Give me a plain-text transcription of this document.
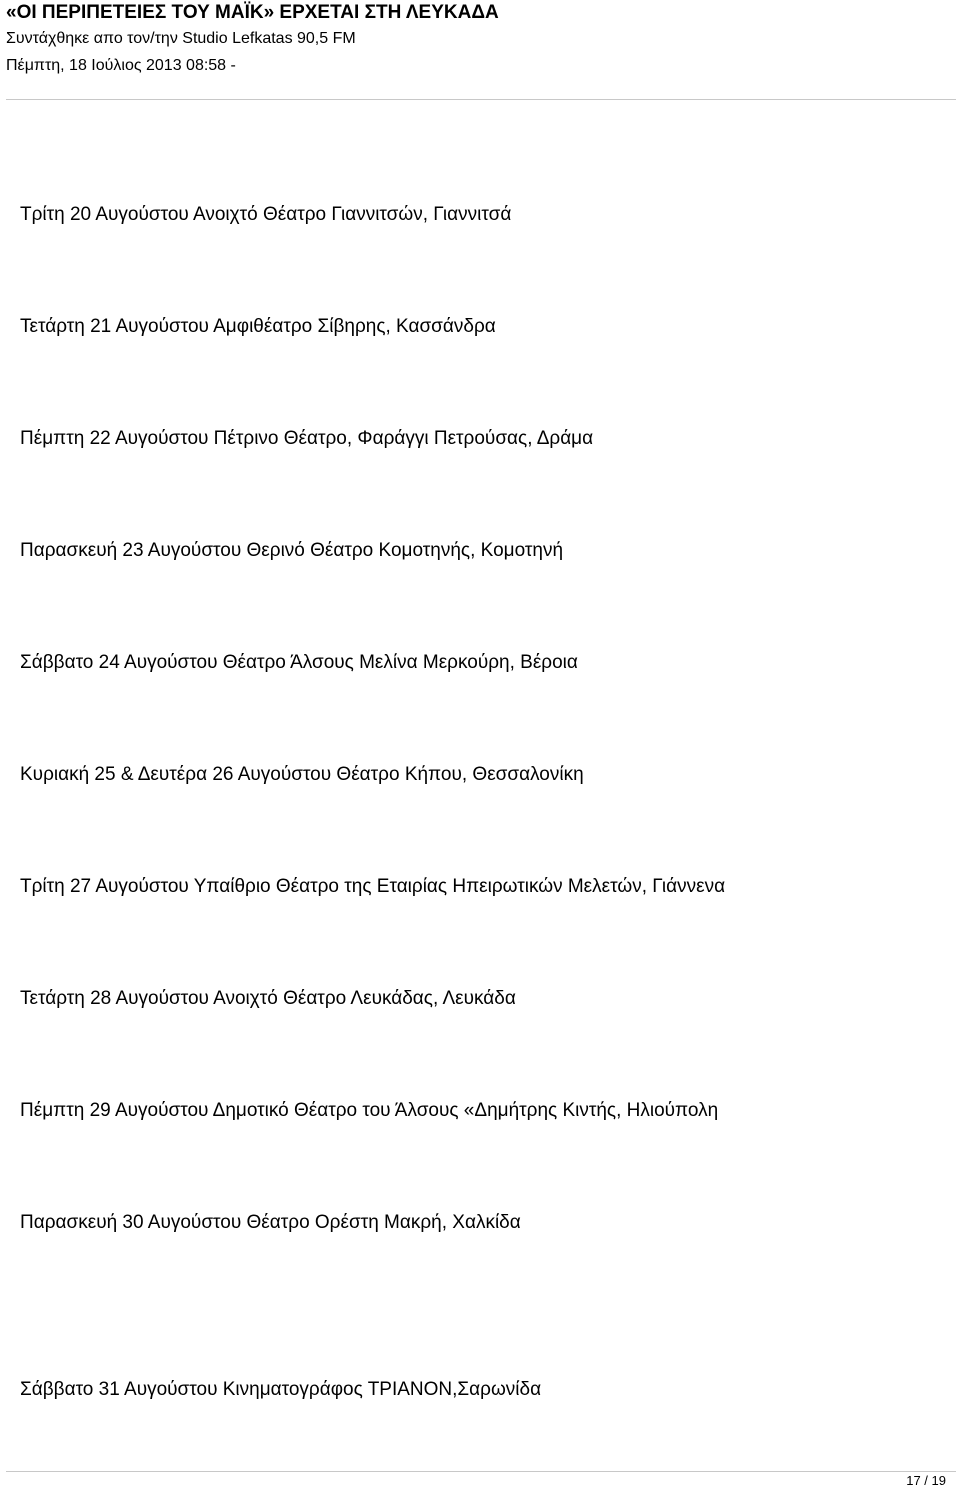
«ΟΙ ΠΕΡΙΠΕΤΕΙΕΣ ΤΟΥ ΜΑΪΚ» ΕΡΧΕΤΑΙ ΣΤΗ ΛΕΥΚΑΔΑ
Συντάχθηκε απο τον/την Studio Lefkatas 90,5 FM
Πέμπτη, 18 Ιούλιος 2013 08:58 -
Τρίτη 20 Αυγούστου Ανοιχτό Θέατρο Γιαννιτσών, Γιαννιτσά
Τετάρτη 21 Αυγούστου Αμφιθέατρο Σίβηρης, Κασσάνδρα
Πέμπτη 22 Αυγούστου Πέτρινο Θέατρο, Φαράγγι Πετρούσας, Δράμα
Παρασκευή 23 Αυγούστου Θερινό Θέατρο Κομοτηνής, Κομοτηνή
Σάββατο 24 Αυγούστου Θέατρο Άλσους Μελίνα Μερκούρη, Βέροια
Κυριακή 25 & Δευτέρα 26 Αυγούστου Θέατρο Κήπου, Θεσσαλονίκη
Τρίτη 27 Αυγούστου Υπαίθριο Θέατρο της Εταιρίας Ηπειρωτικών Μελετών, Γιάννενα
Τετάρτη 28 Αυγούστου Ανοιχτό Θέατρο Λευκάδας, Λευκάδα
Πέμπτη 29 Αυγούστου Δημοτικό Θέατρο του Άλσους «Δημήτρης Κιντής, Ηλιούπολη
Παρασκευή 30 Αυγούστου Θέατρο Ορέστη Μακρή, Χαλκίδα
Σάββατο 31 Αυγούστου Κινηματογράφος ΤΡΙΑΝΟΝ,Σαρωνίδα
17 / 19
